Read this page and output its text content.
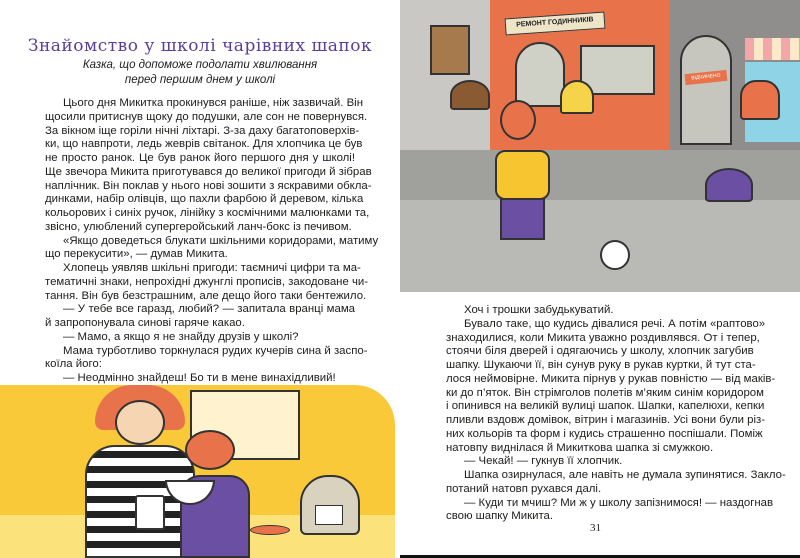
Знайомство у школі чарівних шапок
Казка, що допоможе подолати хвилювання
перед першим днем у школі
Цього дня Микитка прокинувся раніше, ніж зазвичай. Він
щосили притиснув щоку до подушки, але сон не повернувся.
За вікном іще горіли нічні ліхтарі. З-за даху багатоповерхів-
ки, що навпроти, ледь жеврів світанок. Для хлопчика це був
не просто ранок. Це був ранок його першого дня у школі!
Ще звечора Микита приготувався до великої пригоди й зібрав
наплічник. Він поклав у нього нові зошити з яскравими обкла-
динками, набір олівців, що пахли фарбою й деревом, кілька
кольорових і синіх ручок, лінійку з космічними малюнками та,
звісно, улюблений супергеройський ланч-бокс із печивом.
«Якщо доведеться блукати шкільними коридорами, матиму
що перекусити», — думав Микита.
Хлопець уявляв шкільні пригоди: таємничі цифри та ма-
тематичні знаки, непрохідні джунглі прописів, закодоване чи-
тання. Він був безстрашним, але дещо його таки бентежило.
— У тебе все гаразд, любий? — запитала вранці мама
й запропонувала синові гаряче какао.
— Мамо, а якщо я не знайду друзів у школі?
Мама турботливо торкнулася рудих кучерів сина й заспо-
коїла його:
— Неодмінно знайдеш! Бо ти в мене винахідливий!
31
Хоч і трошки забудькуватий.
Бувало таке, що кудись дівалися речі. А потім «раптово»
знаходилися, коли Микита уважно роздивлявся. От і тепер,
стоячи біля дверей і одягаючись у школу, хлопчик загубив
шапку. Шукаючи її, він сунув руку в рукав куртки, й тут ста-
лося неймовірне. Микита пірнув у рукав повністю — від маків-
ки до п’яток. Він стрімголов полетів м’яким синім коридором
і опинився на великій вулиці шапок. Шапки, капелюхи, кепки
пливли вздовж домівок, вітрин і магазинів. Усі вони були різ-
них кольорів та форм і кудись страшенно поспішали. Поміж
натовпу виднілася й Микиткова шапка зі смужкою.
— Чекай! — гукнув її хлопчик.
Шапка озирнулася, але навіть не думала зупинятися. Закло-
потаний натовп рухався далі.
— Куди ти мчиш? Ми ж у школу запізнимося! — наздогнав
свою шапку Микита.
РЕМОНТ ГОДИННИКІВ
ВІДЧИНЕНО
